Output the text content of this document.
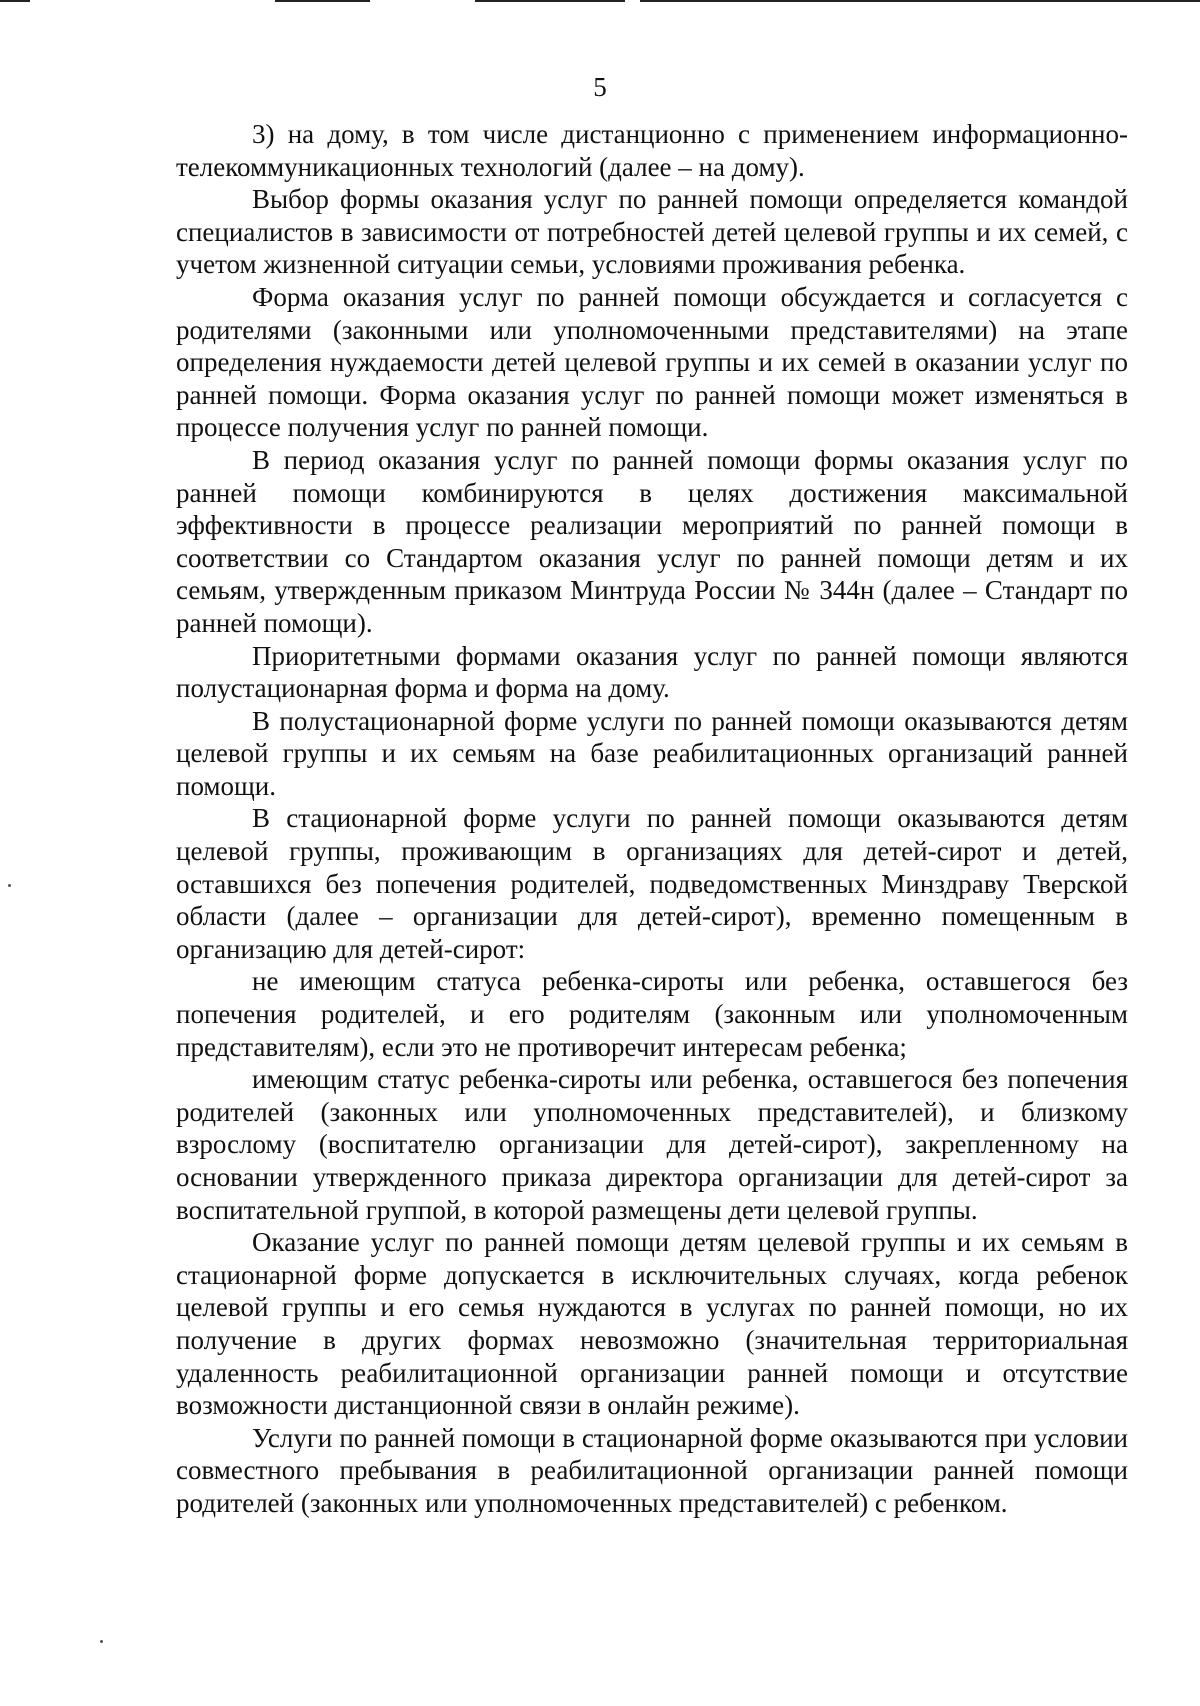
5

3) на дому, в том числе дистанционно с применением информационно-телекоммуникационных технологий (далее – на дому).

Выбор формы оказания услуг по ранней помощи определяется командой специалистов в зависимости от потребностей детей целевой группы и их семей, с учетом жизненной ситуации семьи, условиями проживания ребенка.

Форма оказания услуг по ранней помощи обсуждается и согласуется с родителями (законными или уполномоченными представителями) на этапе определения нуждаемости детей целевой группы и их семей в оказании услуг по ранней помощи. Форма оказания услуг по ранней помощи может изменяться в процессе получения услуг по ранней помощи.

В период оказания услуг по ранней помощи формы оказания услуг по ранней помощи комбинируются в целях достижения максимальной эффективности в процессе реализации мероприятий по ранней помощи в соответствии со Стандартом оказания услуг по ранней помощи детям и их семьям, утвержденным приказом Минтруда России № 344н (далее – Стандарт по ранней помощи).

Приоритетными формами оказания услуг по ранней помощи являются полустационарная форма и форма на дому.

В полустационарной форме услуги по ранней помощи оказываются детям целевой группы и их семьям на базе реабилитационных организаций ранней помощи.

В стационарной форме услуги по ранней помощи оказываются детям целевой группы, проживающим в организациях для детей-сирот и детей, оставшихся без попечения родителей, подведомственных Минздраву Тверской области (далее – организации для детей-сирот), временно помещенным в организацию для детей-сирот:

не имеющим статуса ребенка-сироты или ребенка, оставшегося без попечения родителей, и его родителям (законным или уполномоченным представителям), если это не противоречит интересам ребенка;

имеющим статус ребенка-сироты или ребенка, оставшегося без попечения родителей (законных или уполномоченных представителей), и близкому взрослому (воспитателю организации для детей-сирот), закрепленному на основании утвержденного приказа директора организации для детей-сирот за воспитательной группой, в которой размещены дети целевой группы.

Оказание услуг по ранней помощи детям целевой группы и их семьям в стационарной форме допускается в исключительных случаях, когда ребенок целевой группы и его семья нуждаются в услугах по ранней помощи, но их получение в других формах невозможно (значительная территориальная удаленность реабилитационной организации ранней помощи и отсутствие возможности дистанционной связи в онлайн режиме).

Услуги по ранней помощи в стационарной форме оказываются при условии совместного пребывания в реабилитационной организации ранней помощи родителей (законных или уполномоченных представителей) с ребенком.
